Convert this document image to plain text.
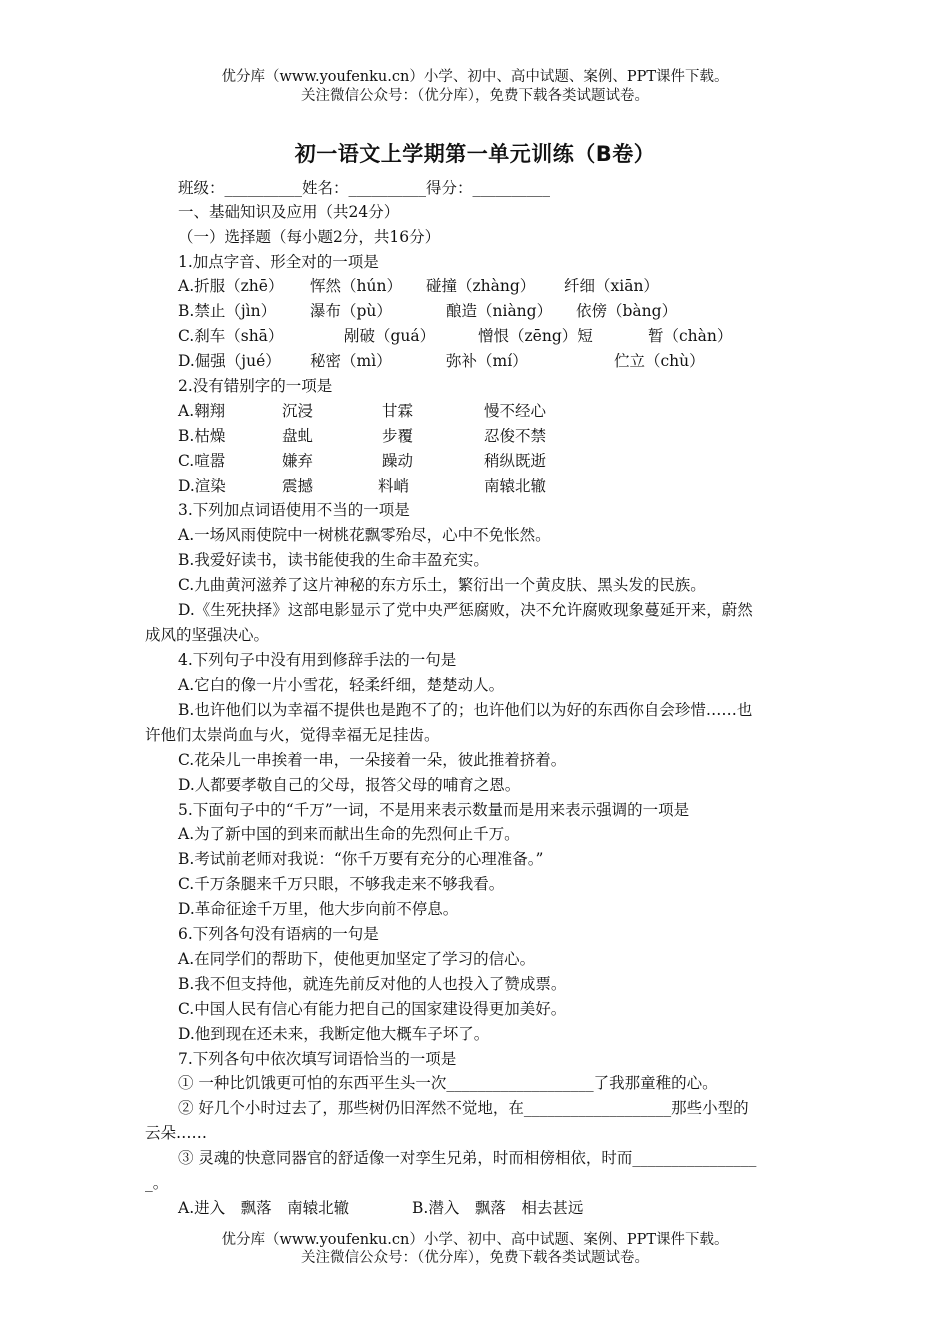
优分库（www.youfenku.cn）小学、初中、高中试题、案例、PPT课件下载。
关注微信公众号：（优分库），免费下载各类试题试卷。
初一语文上学期第一单元训练（B卷）
班级：__________姓名：__________得分：__________
一、基础知识及应用（共24分）
（一）选择题（每小题2分，共16分）
1.加点字音、形全对的一项是
A.折服（zhē） 恽然（hún） 碰撞（zhàng） 纤细（xiān）
B.禁止（jìn） 瀑布（pù）	酿造（niàng） 依傍（bàng）
C.刹车（shā）	剐破（guá）	憎恨（zēng）短	暂（chàn）
D.倔强（jué） 秘密（mì）	弥补（mí）	伫立（chù）
2.没有错别字的一项是
A.翱翔	沉浸	甘霖	慢不经心
B.枯燥	盘虬	步覆	忍俊不禁
C.喧嚣	嫌弃	躁动	稍纵既逝
D.渲染	震撼	料峭	南辕北辙
3.下列加点词语使用不当的一项是
A.一场风雨使院中一树桃花飘零殆尽，心中不免怅然。
B.我爱好读书，读书能使我的生命丰盈充实。
C.九曲黄河滋养了这片神秘的东方乐土，繁衍出一个黄皮肤、黑头发的民族。
D.《生死抉择》这部电影显示了党中央严惩腐败，决不允许腐败现象蔓延开来，蔚然
成风的坚强决心。
4.下列句子中没有用到修辞手法的一句是
A.它白的像一片小雪花，轻柔纤细，楚楚动人。
B.也许他们以为幸福不提供也是跑不了的；也许他们以为好的东西你自会珍惜……也
许他们太崇尚血与火，觉得幸福无足挂齿。
C.花朵儿一串挨着一串，一朵接着一朵，彼此推着挤着。
D.人都要孝敬自己的父母，报答父母的哺育之恩。
5.下面句子中的“千万”一词，不是用来表示数量而是用来表示强调的一项是
A.为了新中国的到来而献出生命的先烈何止千万。
B.考试前老师对我说：“你千万要有充分的心理准备。”
C.千万条腿来千万只眼，不够我走来不够我看。
D.革命征途千万里，他大步向前不停息。
6.下列各句没有语病的一句是
A.在同学们的帮助下，使他更加坚定了学习的信心。
B.我不但支持他，就连先前反对他的人也投入了赞成票。
C.中国人民有信心有能力把自己的国家建设得更加美好。
D.他到现在还未来，我断定他大概车子坏了。
7.下列各句中依次填写词语恰当的一项是
① 一种比饥饿更可怕的东西平生头一次___________________了我那童稚的心。
② 好几个小时过去了，那些树仍旧浑然不觉地，在___________________那些小型的
云朵……
③ 灵魂的快意同器官的舒适像一对孪生兄弟，时而相傍相依，时而________________
_。
A.进入　飘落　南辕北辙	B.潜入　飘落　相去甚远
优分库（www.youfenku.cn）小学、初中、高中试题、案例、PPT课件下载。
关注微信公众号：（优分库），免费下载各类试题试卷。
